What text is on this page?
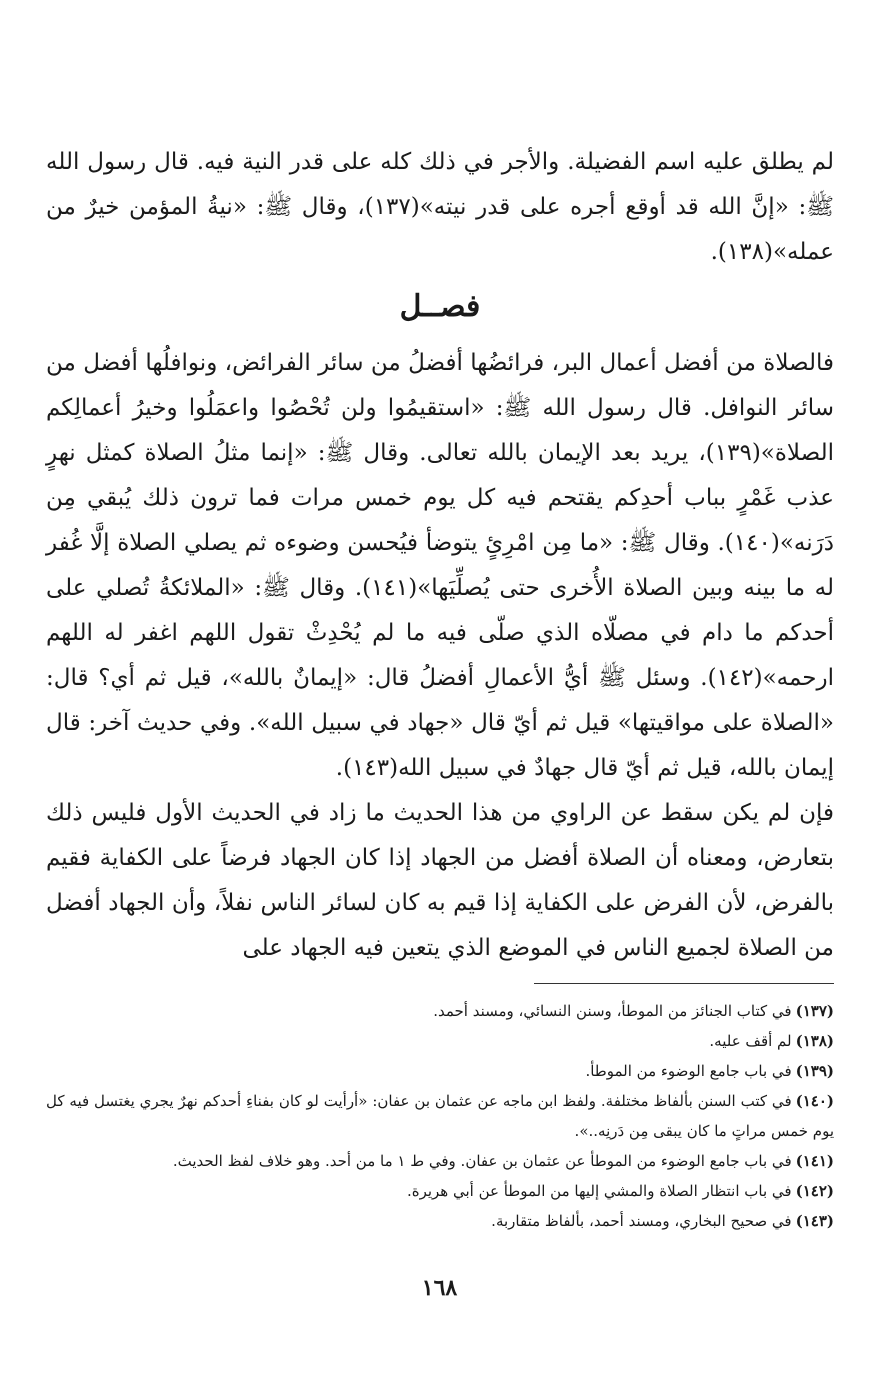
لم يطلق عليه اسم الفضيلة. والأجر في ذلك كله على قدر النية فيه. قال رسول الله ﷺ: «إنَّ الله قد أوقع أجره على قدر نيته»(١٣٧)، وقال ﷺ: «نيةُ المؤمن خيرٌ من عمله»(١٣٨).

فصــل

فالصلاة من أفضل أعمال البر، فرائضُها أفضلُ من سائر الفرائض، ونوافلُها أفضل من سائر النوافل. قال رسول الله ﷺ: «استقيمُوا ولن تُحْصُوا واعمَلُوا وخيرُ أعمالِكم الصلاة»(١٣٩)، يريد بعد الإيمان بالله تعالى. وقال ﷺ: «إنما مثلُ الصلاة كمثل نهرٍ عذب غَمْرٍ بباب أحدِكم يقتحم فيه كل يوم خمس مرات فما ترون ذلك يُبقي مِن دَرَنه»(١٤٠). وقال ﷺ: «ما مِن امْرِئٍ يتوضأ فيُحسن وضوءه ثم يصلي الصلاة إلَّا غُفر له ما بينه وبين الصلاة الأُخرى حتى يُصلِّيَها»(١٤١). وقال ﷺ: «الملائكةُ تُصلي على أحدكم ما دام في مصلّاه الذي صلّى فيه ما لم يُحْدِثْ تقول اللهم اغفر له اللهم ارحمه»(١٤٢). وسئل ﷺ أيُّ الأعمالِ أفضلُ قال: «إيمانٌ بالله»، قيل ثم أي؟ قال: «الصلاة على مواقيتها» قيل ثم أيّ قال «جهاد في سبيل الله». وفي حديث آخر: قال إيمان بالله، قيل ثم أيّ قال جهادٌ في سبيل الله(١٤٣).

فإن لم يكن سقط عن الراوي من هذا الحديث ما زاد في الحديث الأول فليس ذلك بتعارض، ومعناه أن الصلاة أفضل من الجهاد إذا كان الجهاد فرضاً على الكفاية فقيم بالفرض، لأن الفرض على الكفاية إذا قيم به كان لسائر الناس نفلاً، وأن الجهاد أفضل من الصلاة لجميع الناس في الموضع الذي يتعين فيه الجهاد على

(١٣٧)في كتاب الجنائز من الموطأ، وسنن النسائي، ومسند أحمد.
(١٣٨)لم أقف عليه.
(١٣٩)في باب جامع الوضوء من الموطأ.
(١٤٠)في كتب السنن بألفاظ مختلفة. ولفظ ابن ماجه عن عثمان بن عفان: «أرأيت لو كان بفناءِ أحدكم نهرٌ يجري يغتسل فيه كل يوم خمس مراتٍ ما كان يبقى مِن دَرنِه..».
(١٤١)في باب جامع الوضوء من الموطأ عن عثمان بن عفان. وفي ط ١ ما من أحد. وهو خلاف لفظ الحديث.
(١٤٢)في باب انتظار الصلاة والمشي إليها من الموطأ عن أبي هريرة.
(١٤٣)في صحيح البخاري، ومسند أحمد، بألفاظ متقاربة.
١٦٨
